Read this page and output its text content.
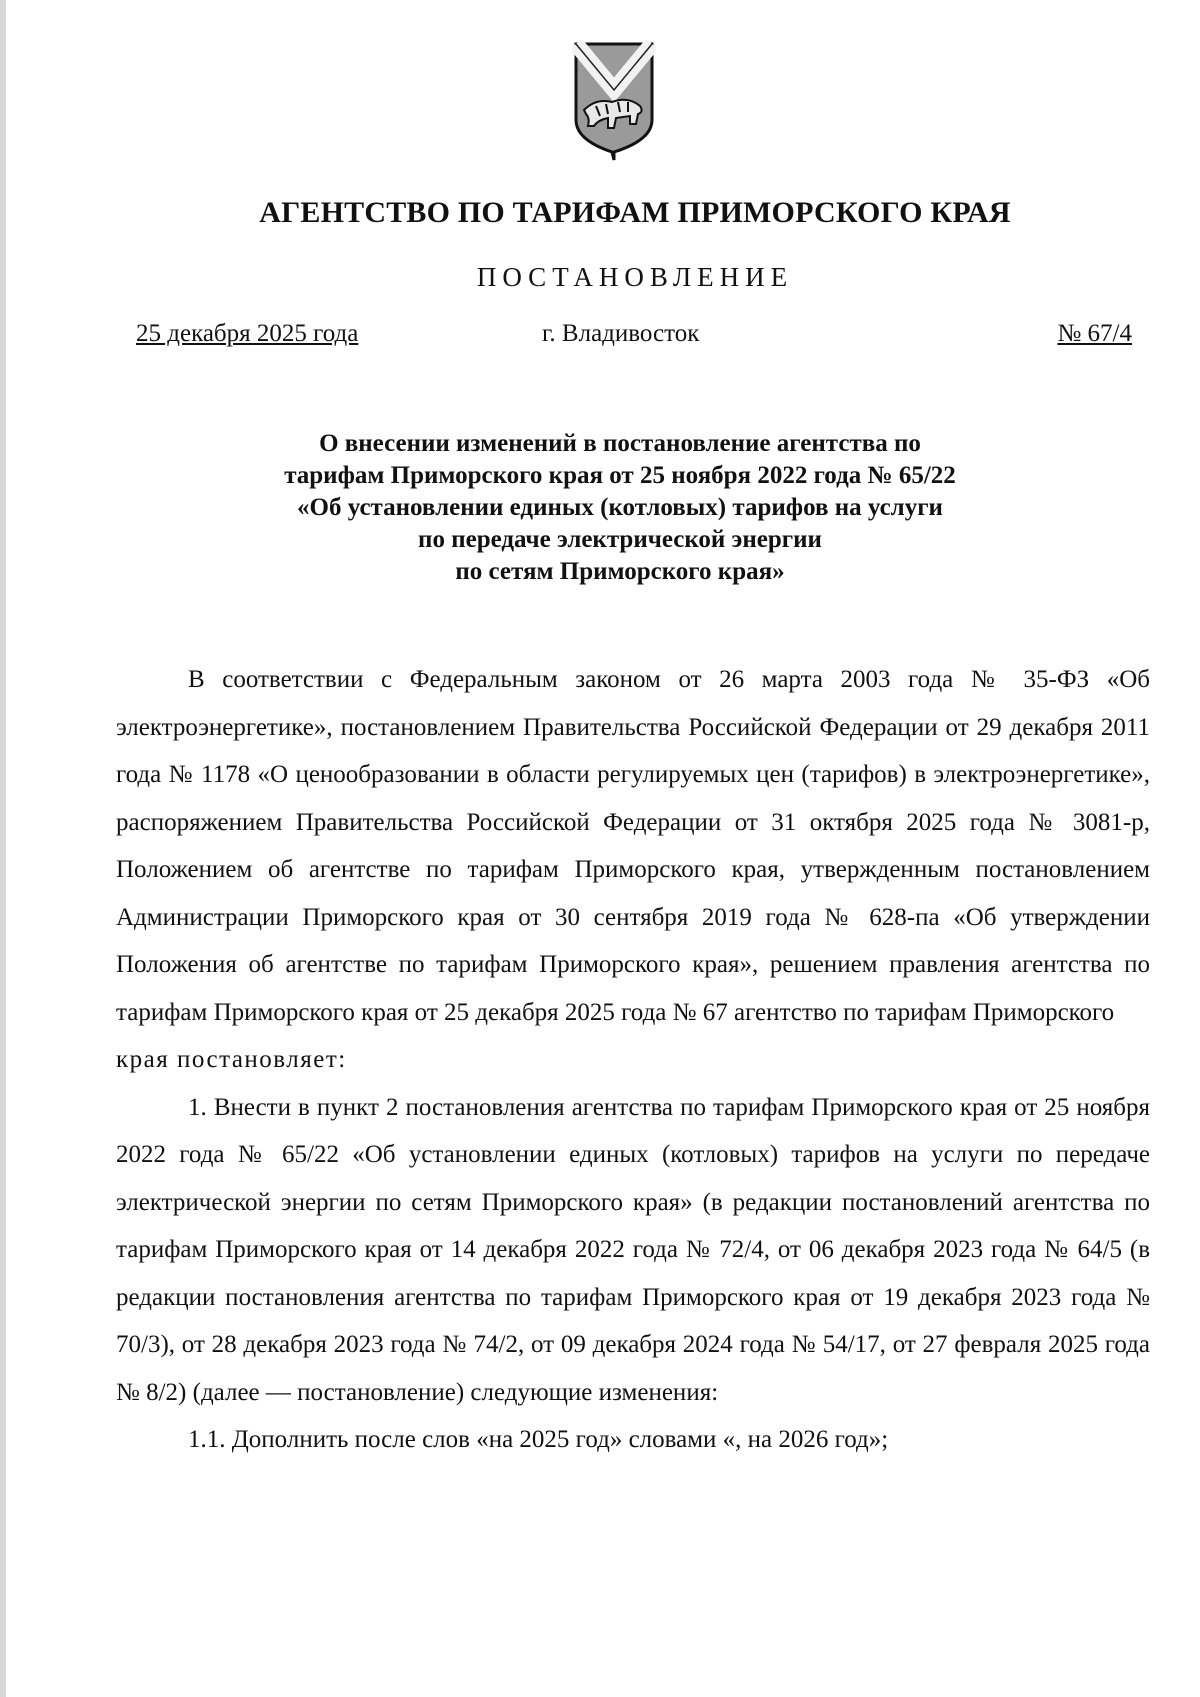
АГЕНТСТВО ПО ТАРИФАМ ПРИМОРСКОГО КРАЯ
ПОСТАНОВЛЕНИЕ
25 декабря 2025 года	г. Владивосток	№ 67/4
О внесении изменений в постановление агентства по
тарифам Приморского края от 25 ноября 2022 года № 65/22
«Об установлении единых (котловых) тарифов на услуги
по передаче электрической энергии
по сетям Приморского края»

В соответствии с Федеральным законом от 26 марта 2003 года № 35-ФЗ «Об электроэнергетике», постановлением Правительства Российской Федерации от 29 декабря 2011 года № 1178 «О ценообразовании в области регулируемых цен (тарифов) в электроэнергетике», распоряжением Правительства Российской Федерации от 31 октября 2025 года № 3081-р, Положением об агентстве по тарифам Приморского края, утвержденным постановлением Администрации Приморского края от 30 сентября 2019 года № 628-па «Об утверждении Положения об агентстве по тарифам Приморского края», решением правления агентства по тарифам Приморского края от 25 декабря 2025 года № 67 агентство по тарифам Приморского

края постановляет:

1. Внести в пункт 2 постановления агентства по тарифам Приморского края от 25 ноября 2022 года № 65/22 «Об установлении единых (котловых) тарифов на услуги по передаче электрической энергии по сетям Приморского края» (в редакции постановлений агентства по тарифам Приморского края от 14 декабря 2022 года № 72/4, от 06 декабря 2023 года № 64/5 (в редакции постановления агентства по тарифам Приморского края от 19 декабря 2023 года № 70/3), от 28 декабря 2023 года № 74/2, от 09 декабря 2024 года № 54/17, от 27 февраля 2025 года № 8/2) (далее — постановление) следующие изменения:

1.1. Дополнить после слов «на 2025 год» словами «, на 2026 год»;
